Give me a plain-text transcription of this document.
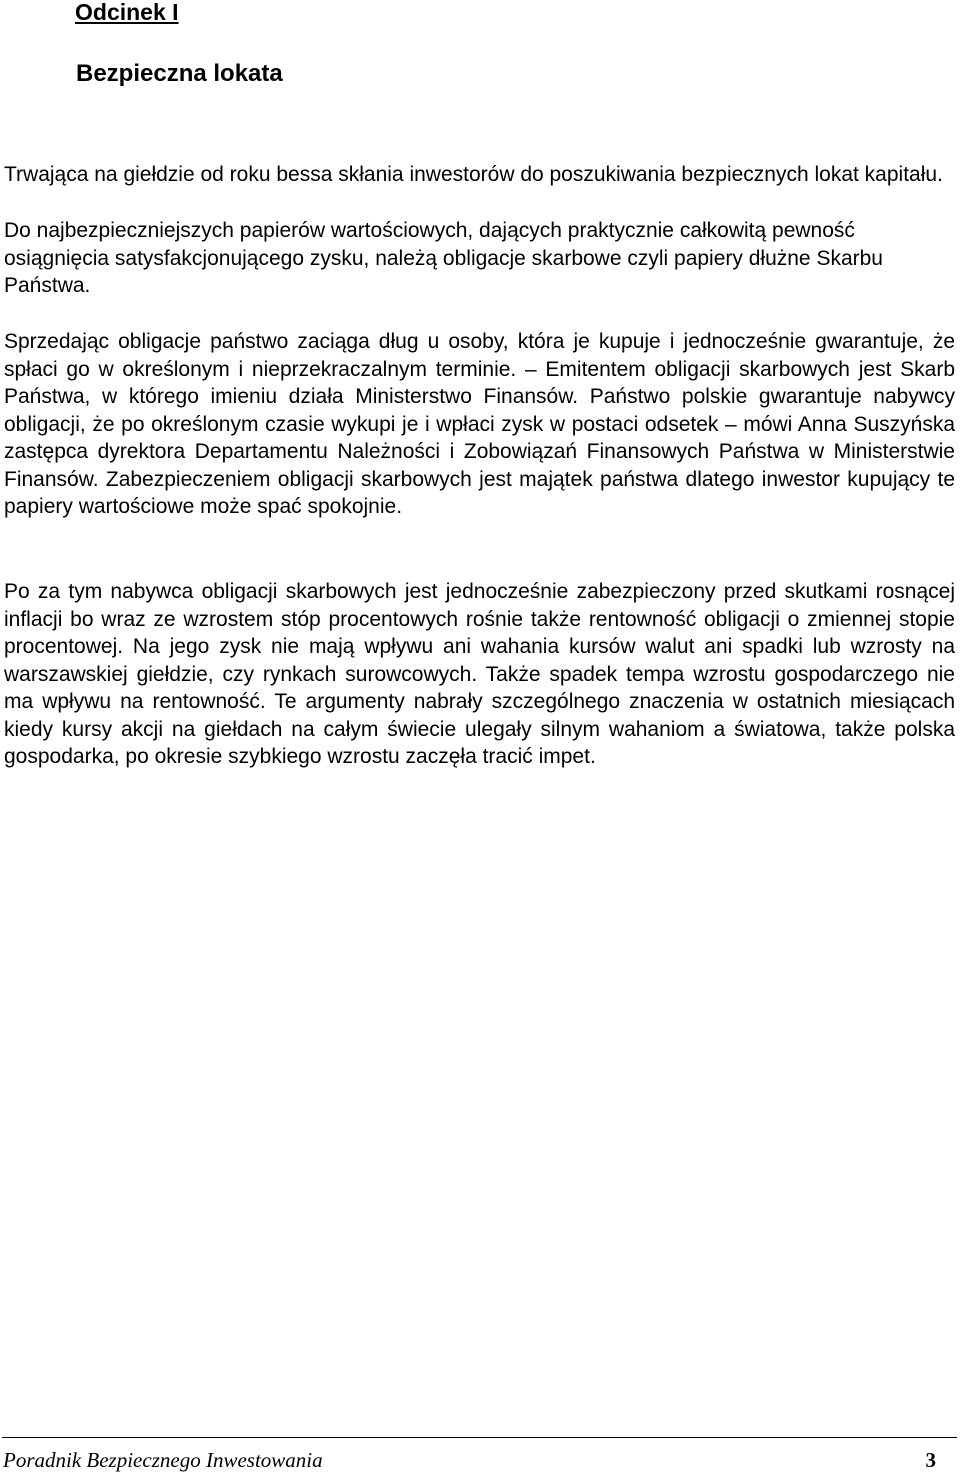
Odcinek I
Bezpieczna lokata

Trwająca na giełdzie od roku bessa skłania inwestorów do poszukiwania bezpiecznych lokat kapitału.

Do najbezpieczniejszych papierów wartościowych, dających praktycznie całkowitą pewność osiągnięcia satysfakcjonującego zysku, należą obligacje skarbowe czyli papiery dłużne Skarbu Państwa.

Sprzedając obligacje państwo zaciąga dług u osoby, która je kupuje i jednocześnie gwarantuje, że spłaci go w określonym i nieprzekraczalnym terminie. – Emitentem obligacji skarbowych jest Skarb Państwa, w którego imieniu działa Ministerstwo Finansów. Państwo polskie gwarantuje nabywcy obligacji, że po określonym czasie wykupi je i wpłaci zysk w postaci odsetek – mówi Anna Suszyńska zastępca dyrektora Departamentu Należności i Zobowiązań Finansowych Państwa w Ministerstwie Finansów. Zabezpieczeniem obligacji skarbowych jest majątek państwa dlatego inwestor kupujący te papiery wartościowe może spać spokojnie.

Po za tym nabywca obligacji skarbowych jest jednocześnie zabezpieczony przed skutkami rosnącej inflacji bo wraz ze wzrostem stóp procentowych rośnie także rentowność obligacji o zmiennej stopie procentowej. Na jego zysk nie mają wpływu ani wahania kursów walut ani spadki lub wzrosty na warszawskiej giełdzie, czy rynkach surowcowych. Także spadek tempa wzrostu gospodarczego nie ma wpływu na rentowność. Te argumenty nabrały szczególnego znaczenia w ostatnich miesiącach kiedy kursy akcji na giełdach na całym świecie ulegały silnym wahaniom a światowa, także polska gospodarka, po okresie szybkiego wzrostu zaczęła tracić impet.

Poradnik Bezpiecznego Inwestowania	3
